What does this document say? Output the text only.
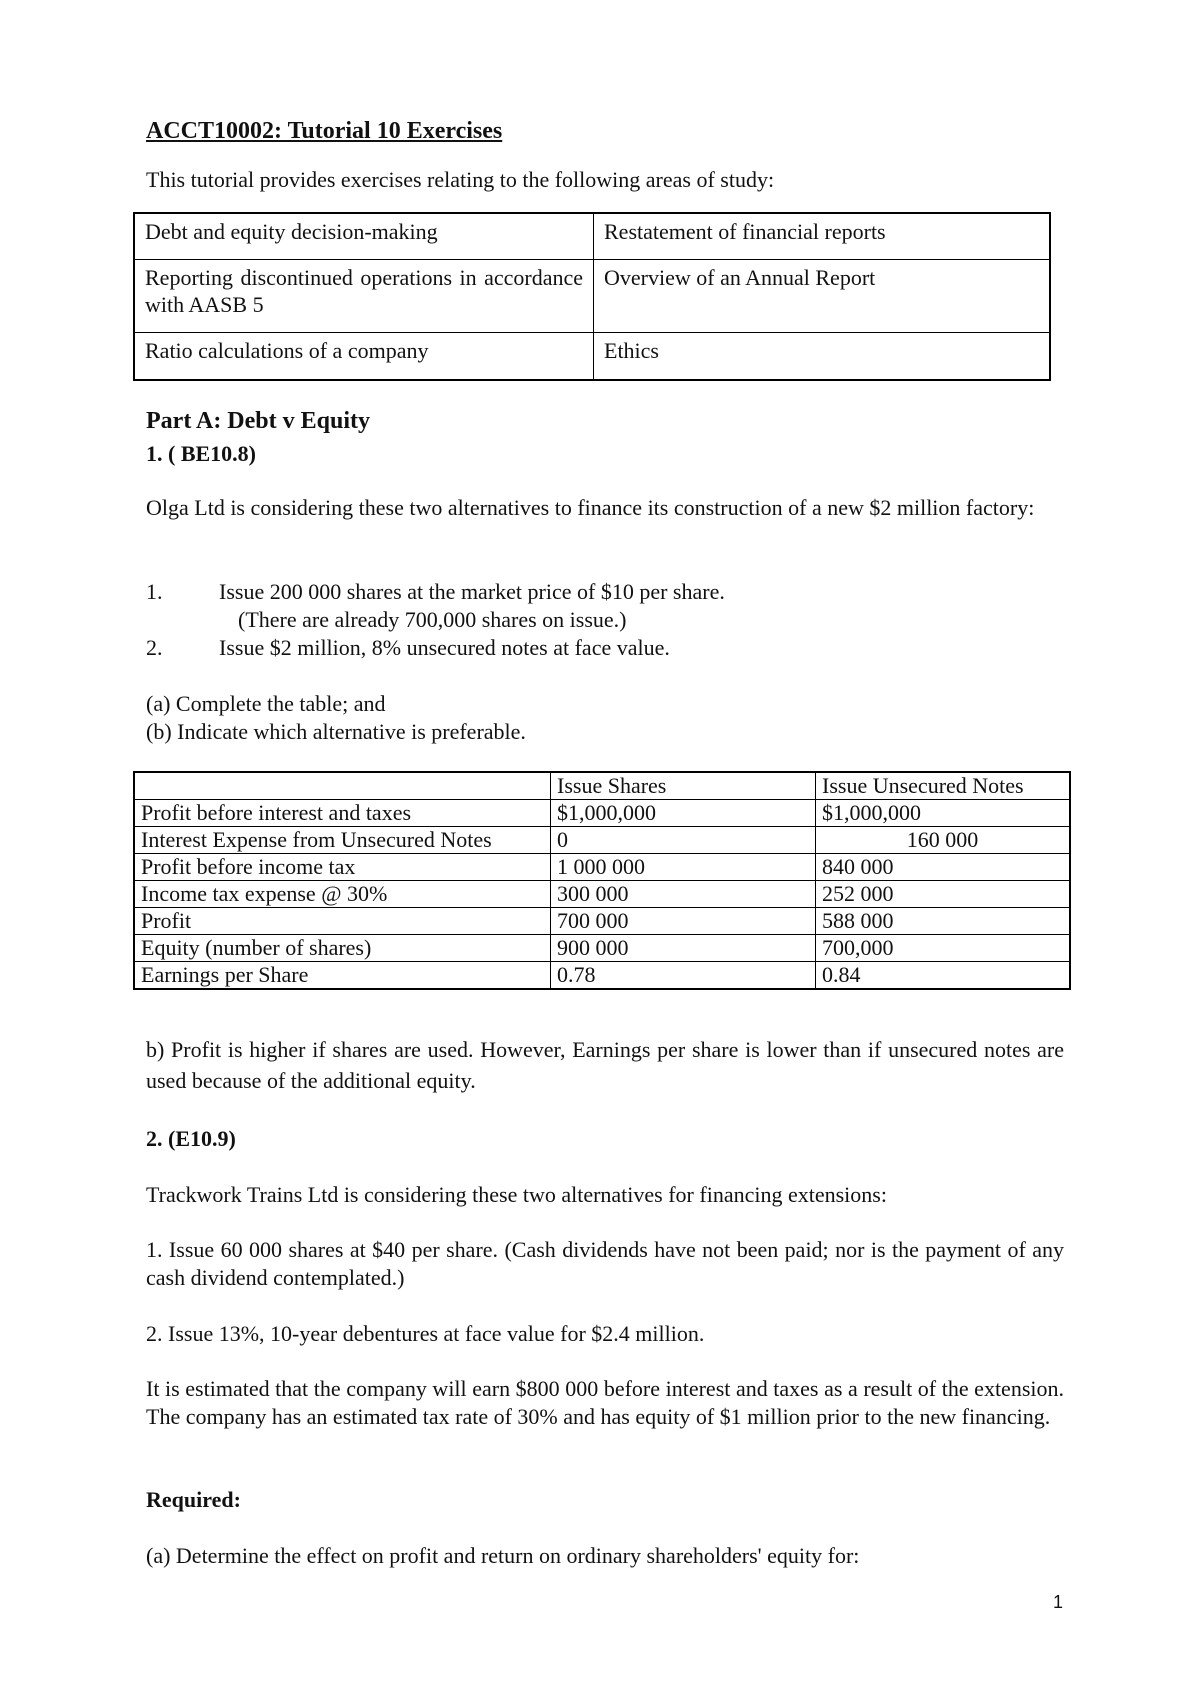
ACCT10002: Tutorial 10 Exercises
This tutorial provides exercises relating to the following areas of study:
Debt and equity decision-making	Restatement of financial reports
Reporting discontinued operations in accordance with AASB 5	Overview of an Annual Report
Ratio calculations of a company	Ethics
Part A: Debt v Equity
1. ( BE10.8)
Olga Ltd is considering these two alternatives to finance its construction of a new $2 million factory:
1.	Issue 200 000 shares at the market price of $10 per share.
(There are already 700,000 shares on issue.)
2.	Issue $2 million, 8% unsecured notes at face value.
(a) Complete the table; and
(b) Indicate which alternative is preferable.
	Issue Shares	Issue Unsecured Notes
Profit before interest and taxes	$1,000,000	$1,000,000
Interest Expense from Unsecured Notes	0	160 000
Profit before income tax	1 000 000	840 000
Income tax expense @ 30%	300 000	252 000
Profit	700 000	588 000
Equity (number of shares)	900 000	700,000
Earnings per Share	0.78	0.84
b) Profit is higher if shares are used. However, Earnings per share is lower than if unsecured notes are used because of the additional equity.
2. (E10.9)
Trackwork Trains Ltd is considering these two alternatives for financing extensions:
1. Issue 60 000 shares at $40 per share. (Cash dividends have not been paid; nor is the payment of any cash dividend contemplated.)
2. Issue 13%, 10-year debentures at face value for $2.4 million.
It is estimated that the company will earn $800 000 before interest and taxes as a result of the extension. The company has an estimated tax rate of 30% and has equity of $1 million prior to the new financing.
Required:
(a) Determine the effect on profit and return on ordinary shareholders' equity for:
1
